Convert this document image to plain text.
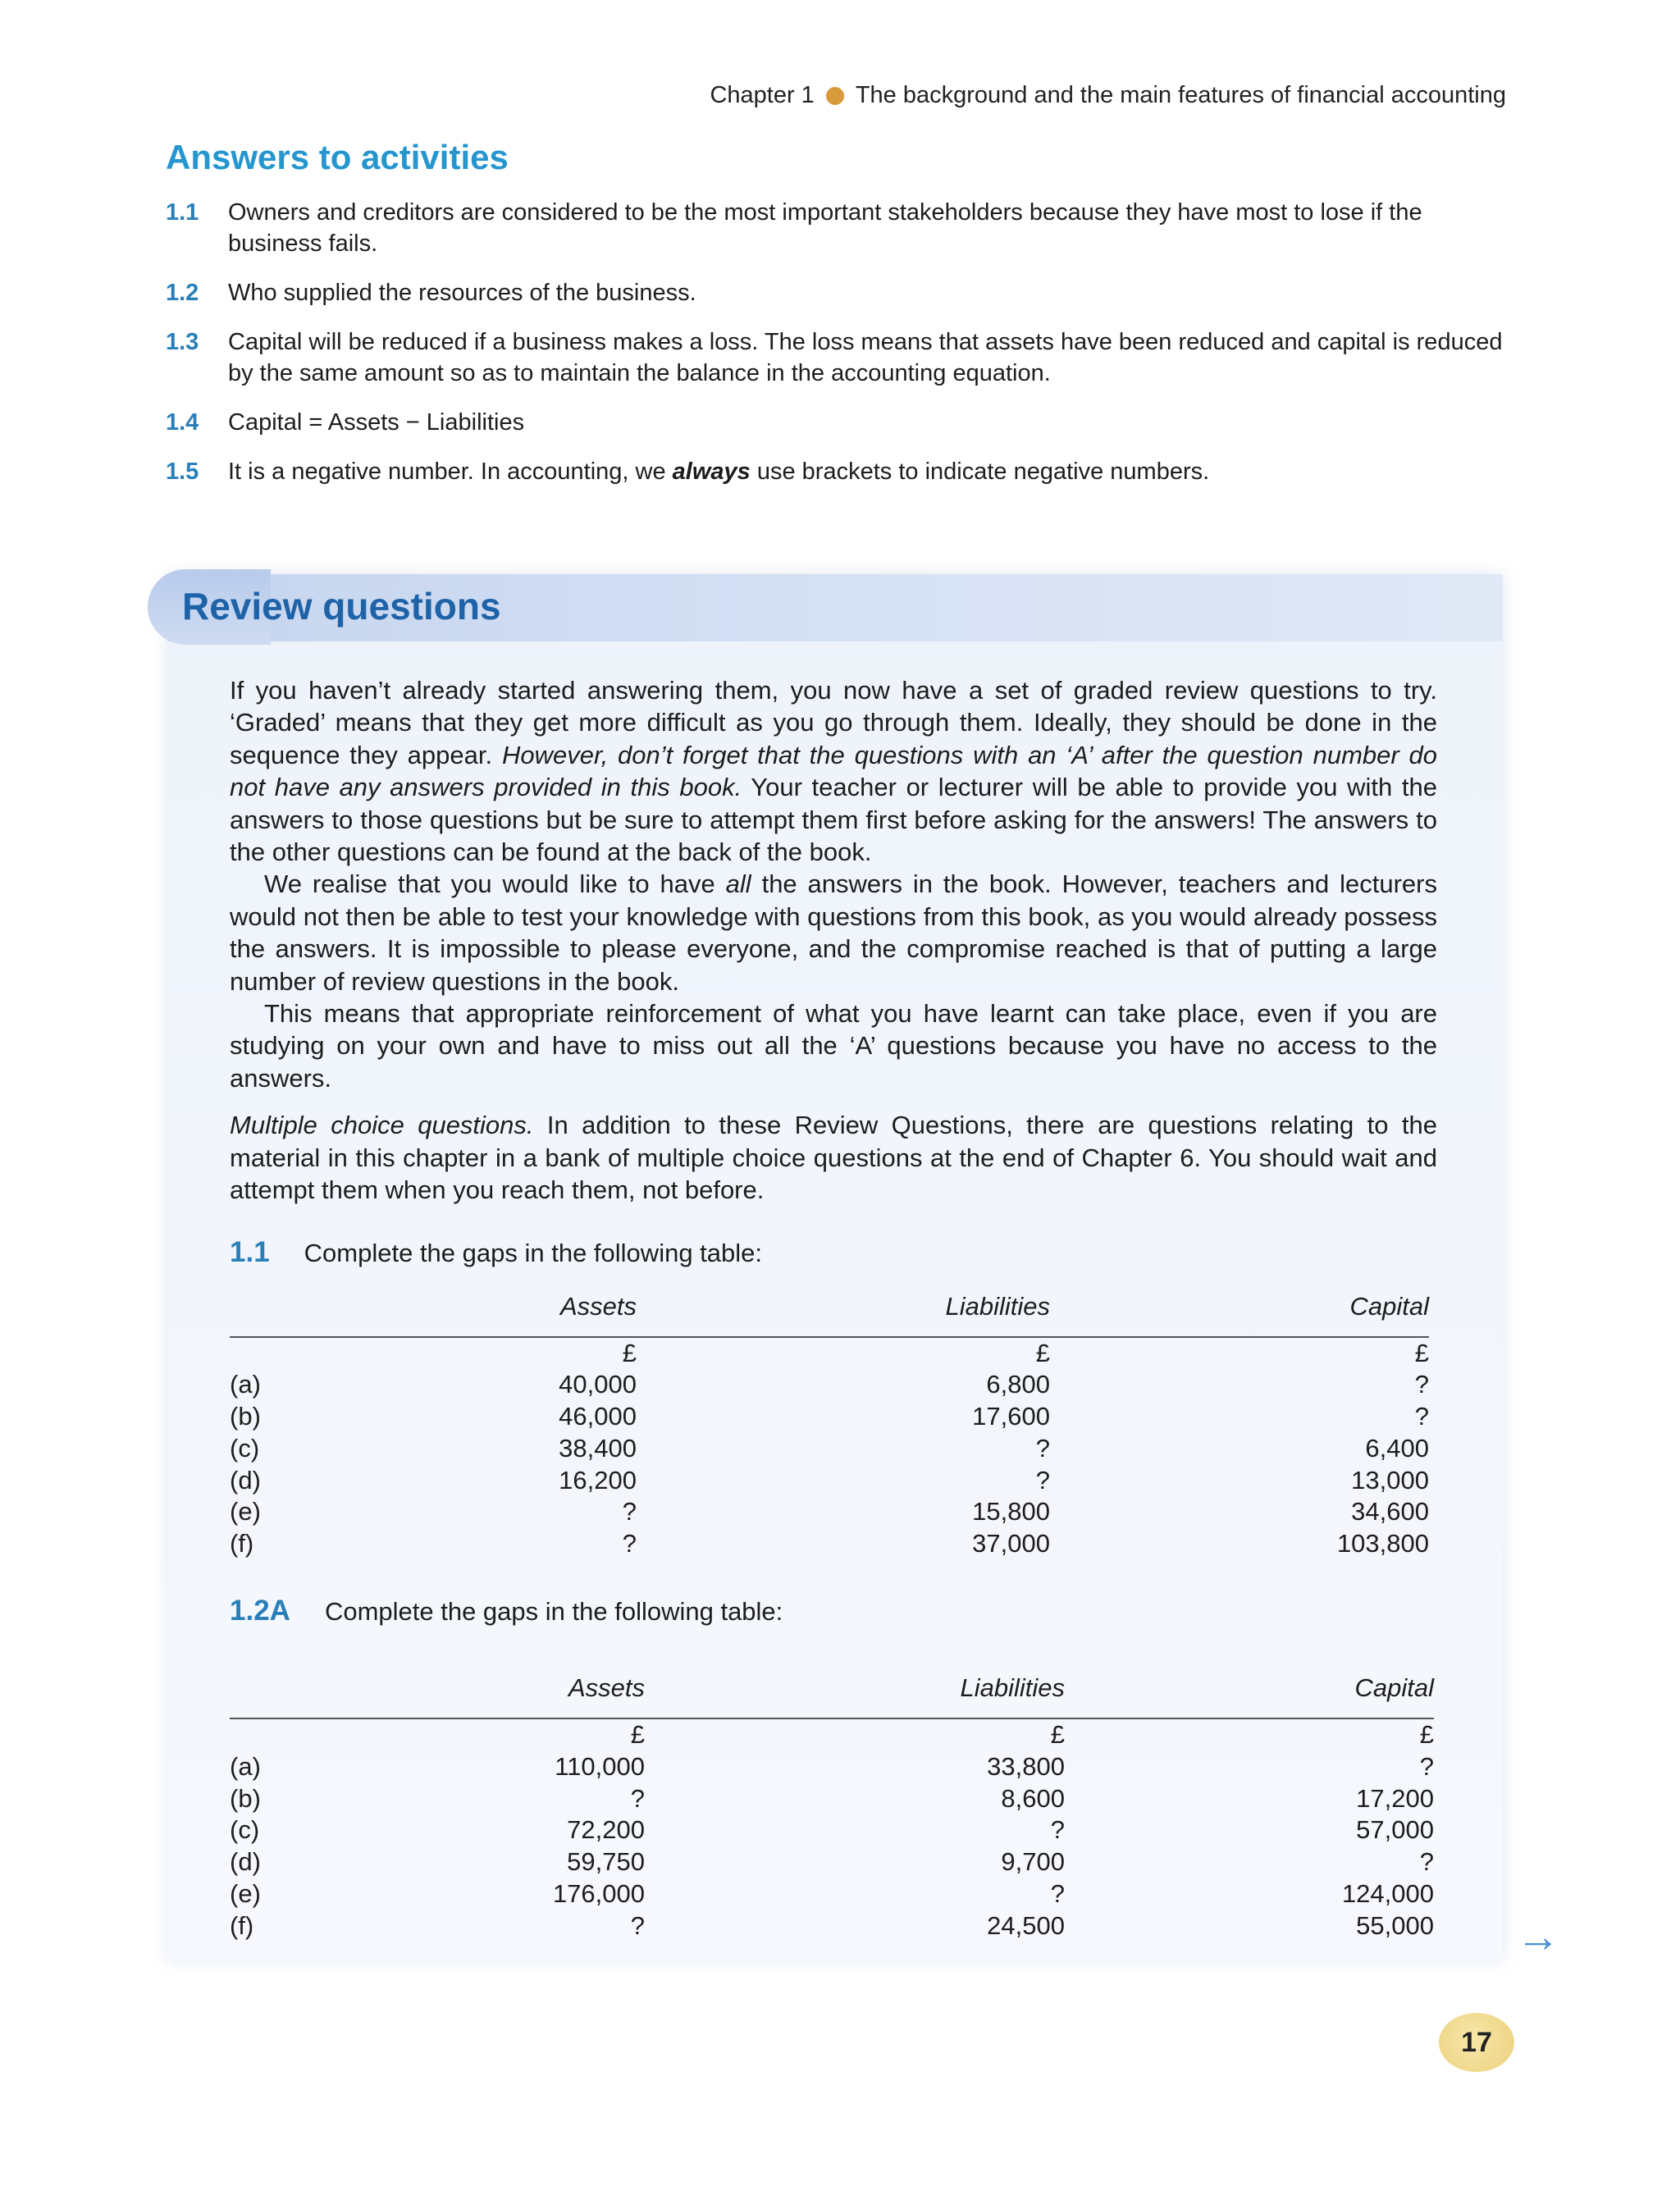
Chapter 1 The background and the main features of financial accounting
Answers to activities
1.1	Owners and creditors are considered to be the most important stakeholders because they have most to lose if the business fails.
1.2	Who supplied the resources of the business.
1.3	Capital will be reduced if a business makes a loss. The loss means that assets have been reduced and capital is reduced by the same amount so as to maintain the balance in the accounting equation.
1.4	Capital = Assets − Liabilities
1.5	It is a negative number. In accounting, we always use brackets to indicate negative numbers.
Review questions

If you haven’t already started answering them, you now have a set of graded review questions to try. ‘Graded’ means that they get more difficult as you go through them. Ideally, they should be done in the sequence they appear. However, don’t forget that the questions with an ‘A’ after the question number do not have any answers provided in this book. Your teacher or lecturer will be able to provide you with the answers to those questions but be sure to attempt them first before asking for the answers! The answers to the other questions can be found at the back of the book.

We realise that you would like to have all the answers in the book. However, teachers and lecturers would not then be able to test your knowledge with questions from this book, as you would already possess the answers. It is impossible to please everyone, and the compromise reached is that of putting a large number of review questions in the book.

This means that appropriate reinforcement of what you have learnt can take place, even if you are studying on your own and have to miss out all the ‘A’ questions because you have no access to the answers.

Multiple choice questions. In addition to these Review Questions, there are questions relating to the material in this chapter in a bank of multiple choice questions at the end of Chapter 6. You should wait and attempt them when you reach them, not before.

1.1 Complete the gaps in the following table:
	Assets	Liabilities	Capital
	£	£	£
(a)	40,000	6,800	?
(b)	46,000	17,600	?
(c)	38,400	?	6,400
(d)	16,200	?	13,000
(e)	?	15,800	34,600
(f)	?	37,000	103,800
1.2A Complete the gaps in the following table:
	Assets	Liabilities	Capital
	£	£	£
(a)	110,000	33,800	?
(b)	?	8,600	17,200
(c)	72,200	?	57,000
(d)	59,750	9,700	?
(e)	176,000	?	124,000
(f)	?	24,500	55,000 →
17
